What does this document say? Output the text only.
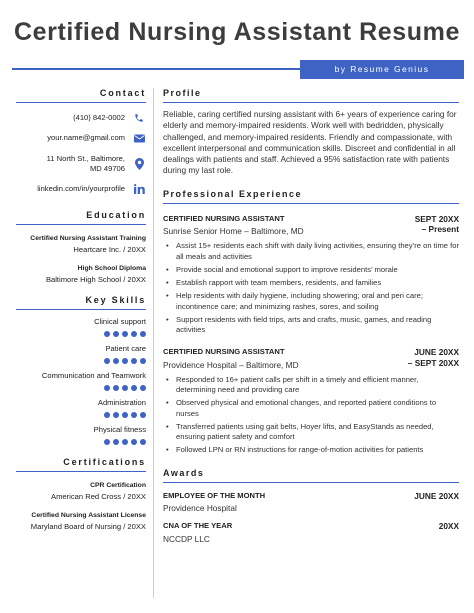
Certified Nursing Assistant Resume
by Resume Genius
Contact
(410) 842-0002
your.name@gmail.com
11 North St., Baltimore,
MD 49706
linkedin.com/in/yourprofile
Education
Certified Nursing Assistant Training
Heartcare Inc. / 20XX
High School Diploma
Baltimore High School / 20XX
Key Skills
Clinical support
Patient care
Communication and Teamwork
Administration
Physical fitness
Certifications
CPR Certification
American Red Cross / 20XX
Certified Nursing Assistant License
Maryland Board of Nursing / 20XX
Profile
Reliable, caring certified nursing assistant with 6+ years of experience caring for elderly and memory-impaired residents. Work well with bedridden, physically challenged, and memory-impaired residents. Friendly and compassionate, with excellent interpersonal and communication skills. Discreet and confidential in all dealings with patients and staff. Achieved a 95% satisfaction rate with patients during my last role.
Professional Experience
CERTIFIED NURSING ASSISTANT	SEPT 20XX
– Present
Sunrise Senior Home – Baltimore, MD
• Assist 15+ residents each shift with daily living activities, ensuring they’re on time for all meals and activities
• Provide social and emotional support to improve residents’ morale
• Establish rapport with team members, residents, and families
• Help residents with daily hygiene, including showering; oral and peri care; incontinence care; and minimizing rashes, sores, and soiling
• Support residents with field trips, arts and crafts, music, games, and reading activities
CERTIFIED NURSING ASSISTANT	JUNE 20XX
– SEPT 20XX
Providence Hospital – Baltimore, MD
• Responded to 16+ patient calls per shift in a timely and efficient manner, determining need and providing care
• Observed physical and emotional changes, and reported patient conditions to nurses
• Transferred patients using gait belts, Hoyer lifts, and EasyStands as needed, ensuring patient safety and comfort
• Followed LPN or RN instructions for range-of-motion activities for patients
Awards
EMPLOYEE OF THE MONTH	JUNE 20XX
Providence Hospital
CNA OF THE YEAR	20XX
NCCDP LLC
